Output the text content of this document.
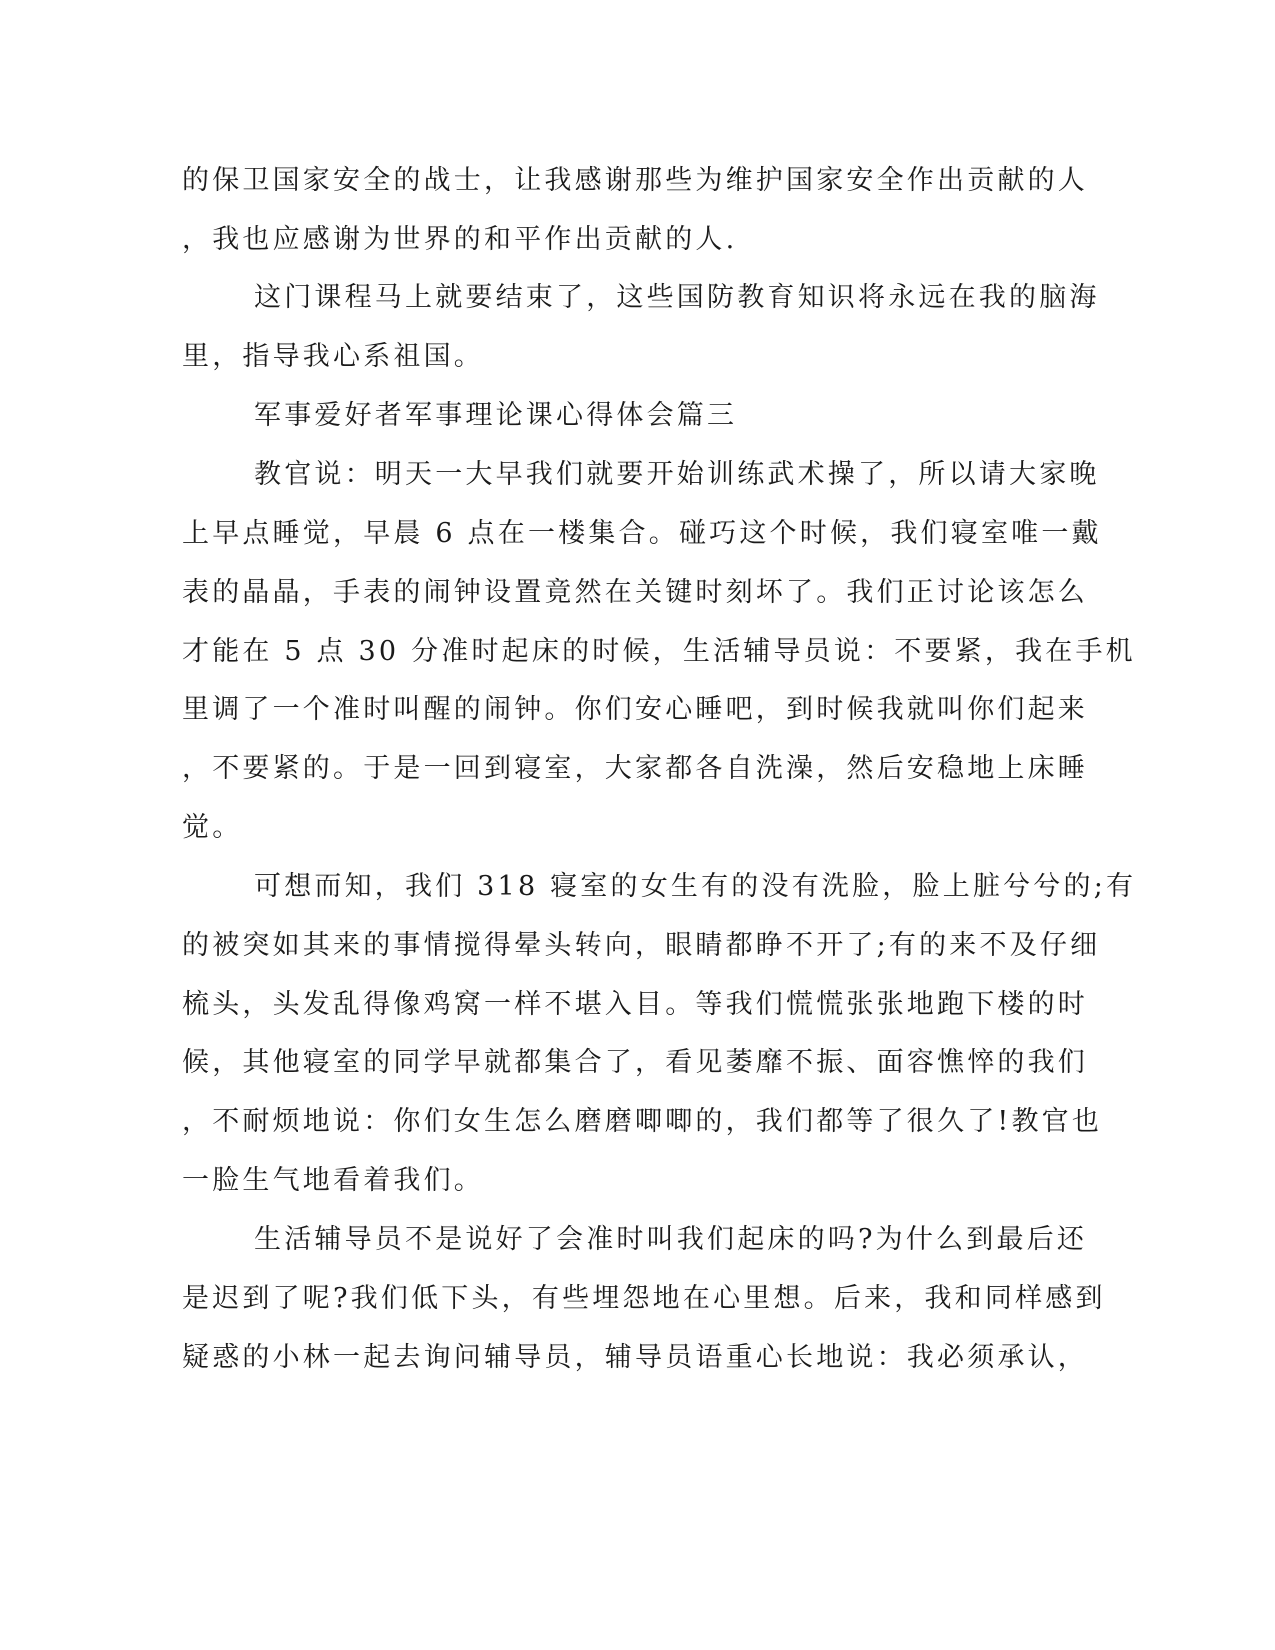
的保卫国家安全的战士，让我感谢那些为维护国家安全作出贡献的人
，我也应感谢为世界的和平作出贡献的人.
这门课程马上就要结束了，这些国防教育知识将永远在我的脑海
里，指导我心系祖国。
军事爱好者军事理论课心得体会篇三
教官说：明天一大早我们就要开始训练武术操了，所以请大家晚
上早点睡觉，早晨 6 点在一楼集合。碰巧这个时候，我们寝室唯一戴
表的晶晶，手表的闹钟设置竟然在关键时刻坏了。我们正讨论该怎么
才能在 5 点 30 分准时起床的时候，生活辅导员说：不要紧，我在手机
里调了一个准时叫醒的闹钟。你们安心睡吧，到时候我就叫你们起来
，不要紧的。于是一回到寝室，大家都各自洗澡，然后安稳地上床睡
觉。
可想而知，我们 318 寝室的女生有的没有洗脸，脸上脏兮兮的;有
的被突如其来的事情搅得晕头转向，眼睛都睁不开了;有的来不及仔细
梳头，头发乱得像鸡窝一样不堪入目。等我们慌慌张张地跑下楼的时
候，其他寝室的同学早就都集合了，看见萎靡不振、面容憔悴的我们
，不耐烦地说：你们女生怎么磨磨唧唧的，我们都等了很久了!教官也
一脸生气地看着我们。
生活辅导员不是说好了会准时叫我们起床的吗?为什么到最后还
是迟到了呢?我们低下头，有些埋怨地在心里想。后来，我和同样感到
疑惑的小林一起去询问辅导员，辅导员语重心长地说：我必须承认，
